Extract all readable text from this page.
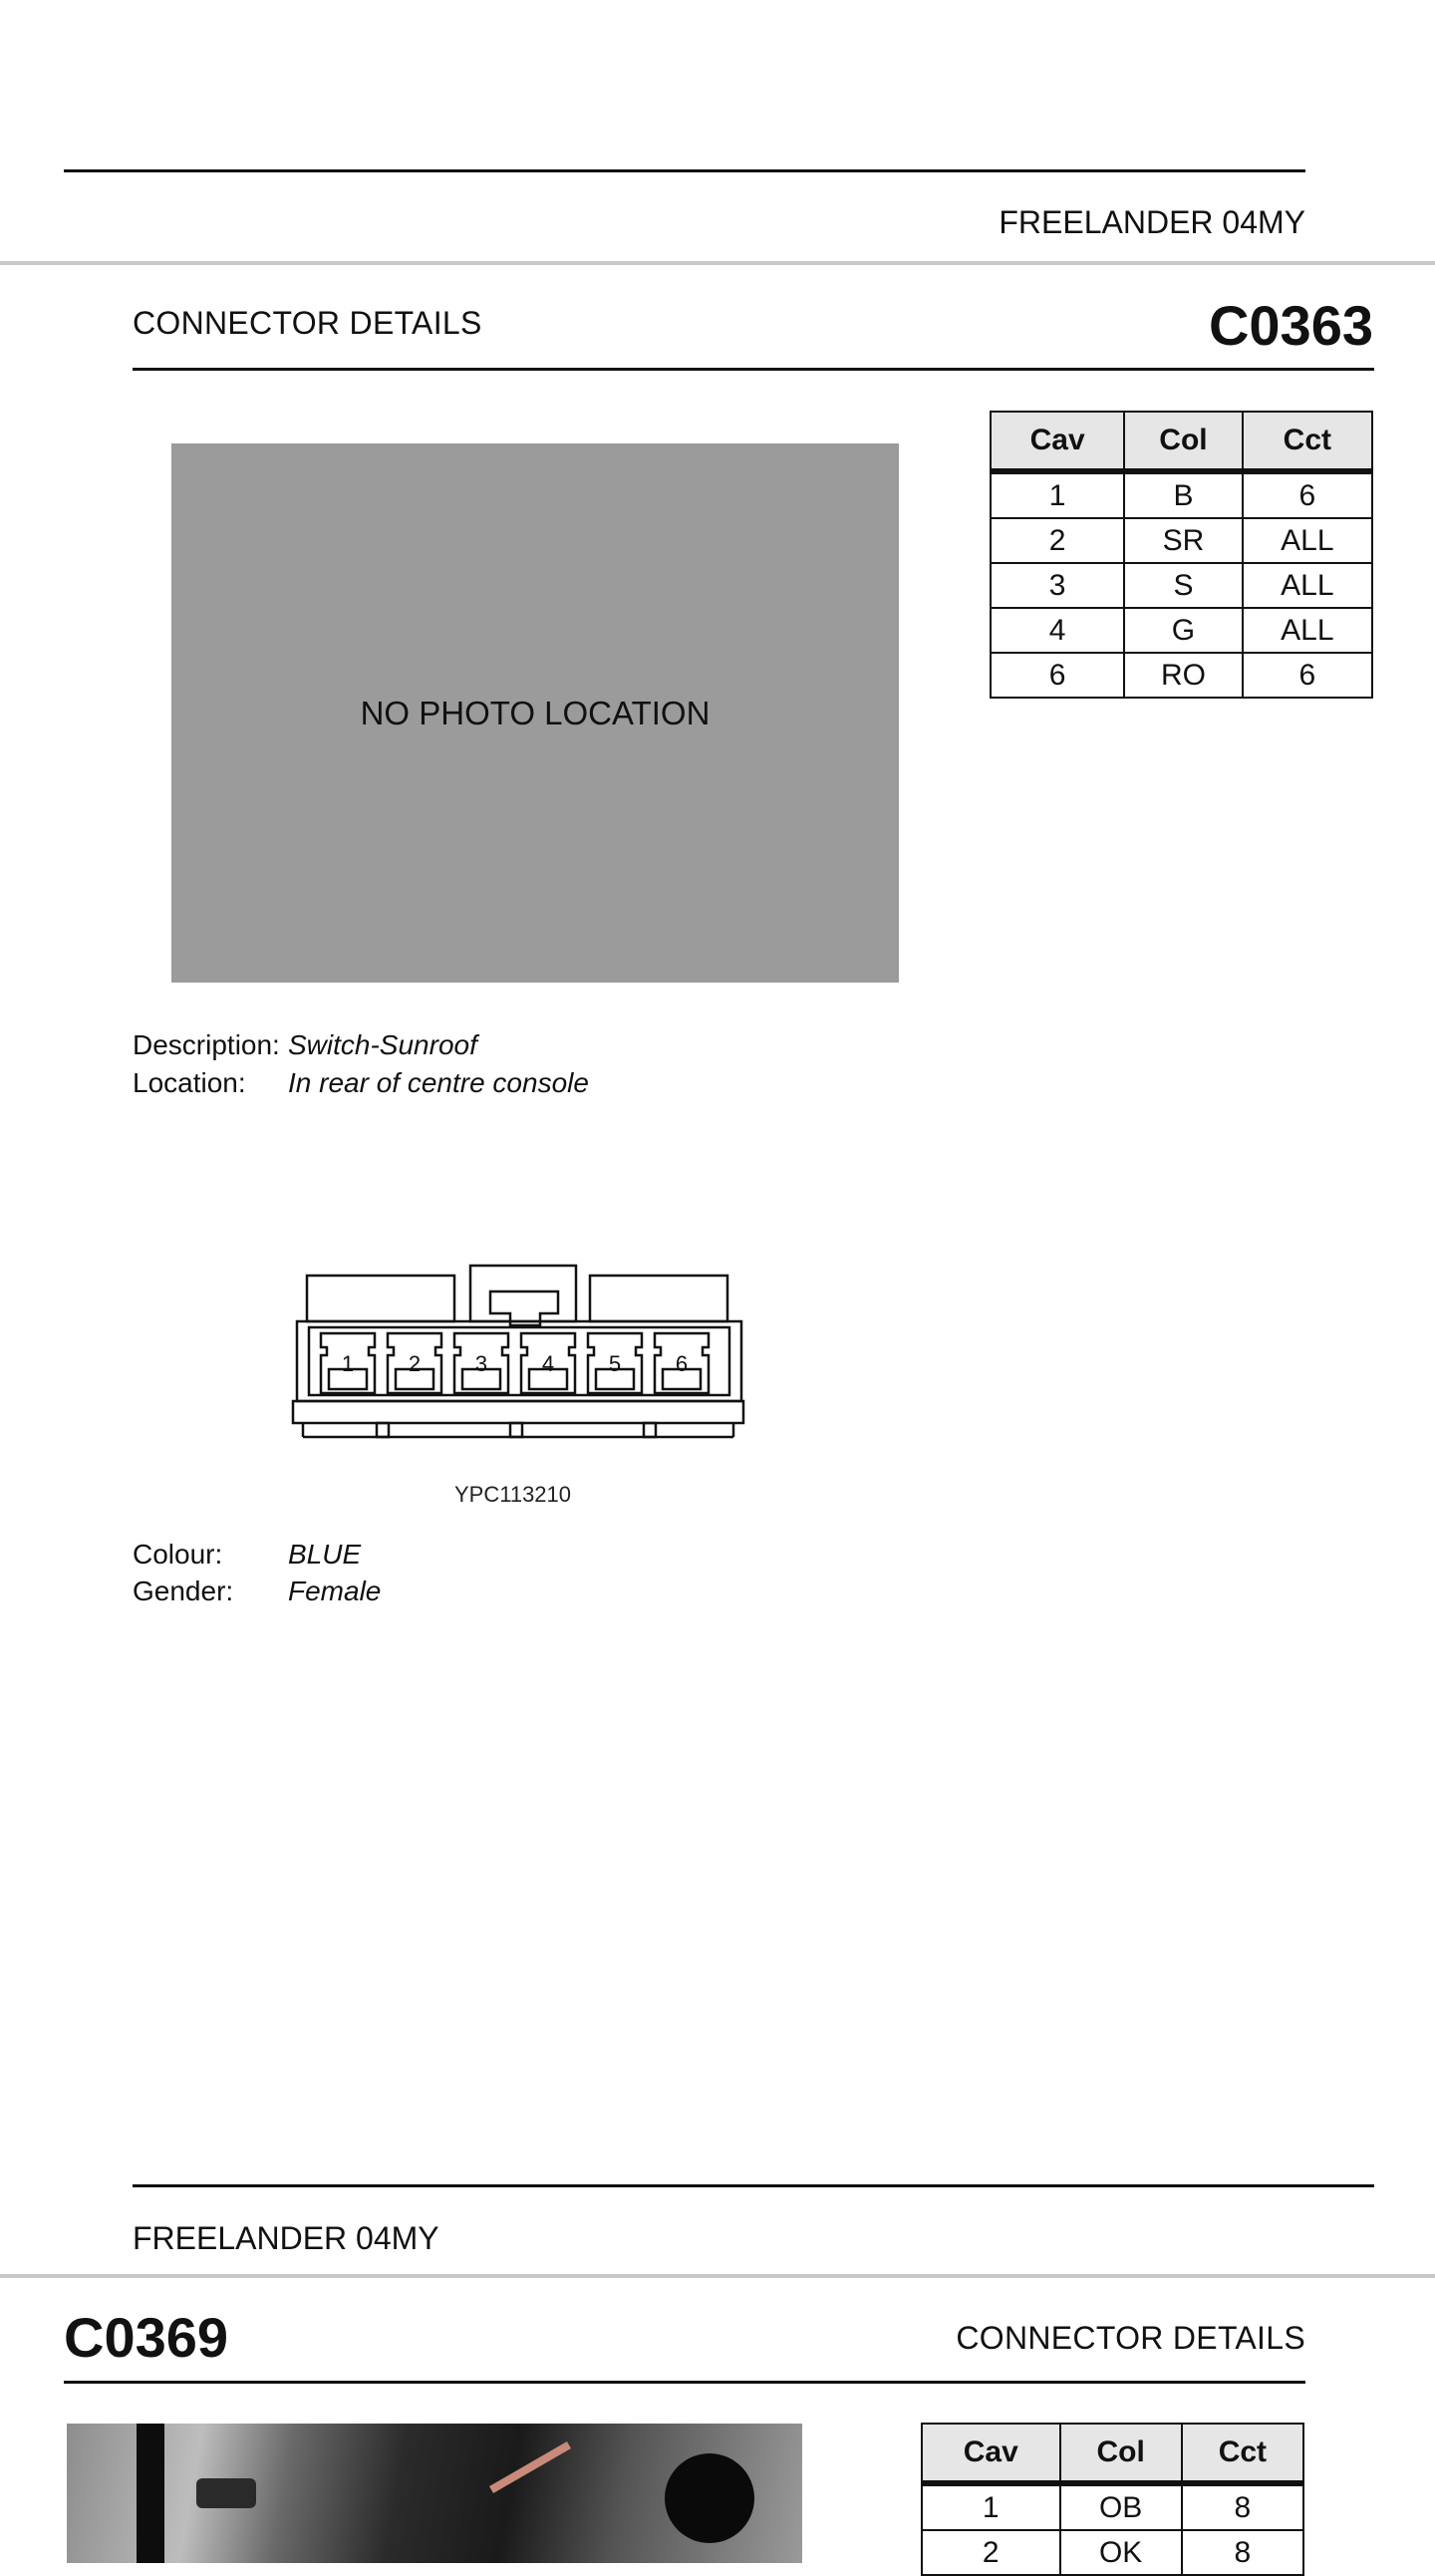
FREELANDER 04MY
CONNECTOR DETAILS	C0363
NO PHOTO LOCATION
Cav	Col	Cct
1	B	6
2	SR	ALL
3	S	ALL
4	G	ALL
6	RO	6
Description: Switch-Sunroof
Location: In rear of centre console
1 2 3 4 5 6
YPC113210
Colour: BLUE
Gender: Female
FREELANDER 04MY
C0369	CONNECTOR DETAILS
Cav	Col	Cct
1	OB	8
2	OK	8
